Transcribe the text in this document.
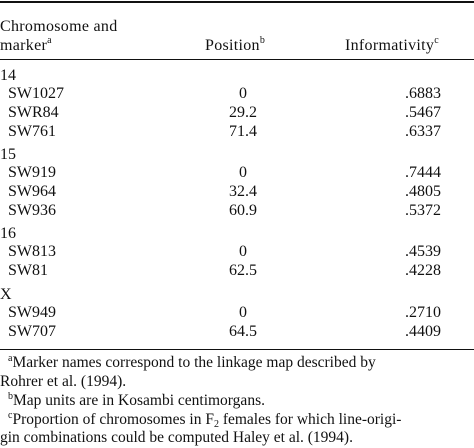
Chromosome and
marker$^a$	Position$^b$	Informativity$^c$
14
SW1027	0	.6883
SWR84	29.2	.5467
SW761	71.4	.6337
15
SW919	0	.7444
SW964	32.4	.4805
SW936	60.9	.5372
16
SW813	0	.4539
SW81	62.5	.4228
X
SW949	0	.2710
SW707	64.5	.4409
$^a$Marker names correspond to the linkage map described by
Rohrer et al. (1994).
$^b$Map units are in Kosambi centimorgans.
$^c$Proportion of chromosomes in $F_2$ females for which line-origi-
gin combinations could be computed Haley et al. (1994).
